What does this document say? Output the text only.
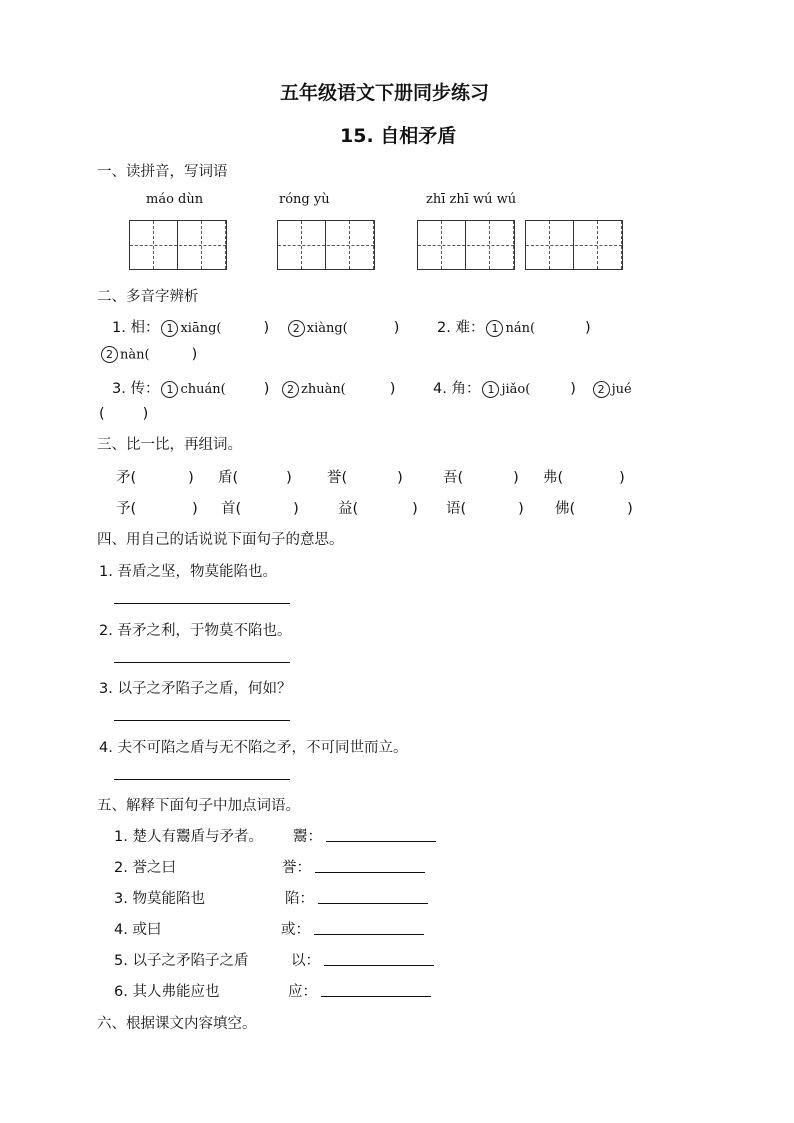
五年级语文下册同步练习
15. 自相矛盾
一、读拼音，写词语
máo dùn	róng yù	zhī zhī wú wú
二、多音字辨析
1. 相： 1 xiāng(	) 2 xiàng(	)	2. 难： 1 nán(	)
2 nàn(	)
3. 传： 1 chuán(	) 2 zhuàn(	)	4. 角： 1 jiǎo(	) 2 jué
(	)
三、比一比，再组词。
矛(	) 盾(	) 誉(	)	吾(	) 弗(	)
予(	) 首(	)	益(	) 语(	) 佛(	)
四、用自己的话说说下面句子的意思。
1. 吾盾之坚，物莫能陷也。
2. 吾矛之利，于物莫不陷也。
3. 以子之矛陷子之盾，何如？
4. 夫不可陷之盾与无不陷之矛，不可同世而立。
五、解释下面句子中加点词语。
1. 楚人有鬻盾与矛者。 鬻：
2. 誉之曰	誉：
3. 物莫能陷也	陷：
4. 或曰	或：
5. 以子之矛陷子之盾	以：
6. 其人弗能应也	应：
六、根据课文内容填空。
